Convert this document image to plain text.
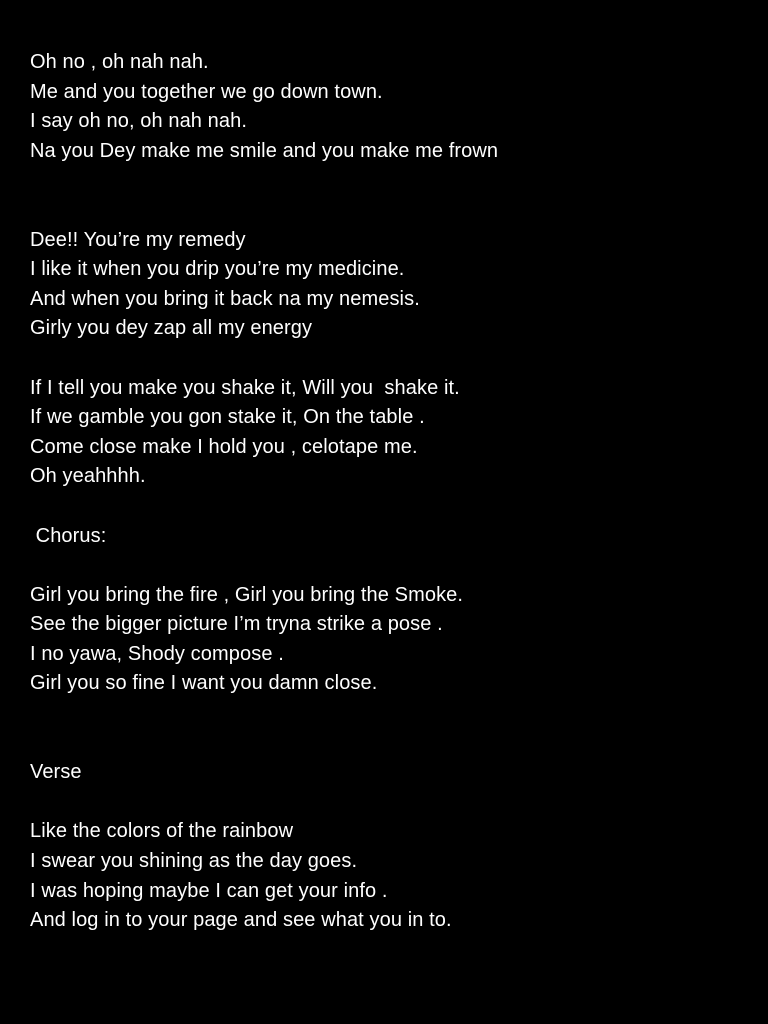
Oh no , oh nah nah.
Me and you together we go down town.
I say oh no, oh nah nah.
Na you Dey make me smile and you make me frown
Dee!! You’re my remedy
I like it when you drip you’re my medicine.
And when you bring it back na my nemesis.
Girly you dey zap all my energy
If I tell you make you shake it, Will you  shake it.
If we gamble you gon stake it, On the table .
Come close make I hold you , celotape me.
Oh yeahhhh.
Chorus:
Girl you bring the fire , Girl you bring the Smoke.
See the bigger picture I’m tryna strike a pose .
I no yawa, Shody compose .
Girl you so fine I want you damn close.
Verse
Like the colors of the rainbow
I swear you shining as the day goes.
I was hoping maybe I can get your info .
And log in to your page and see what you in to.
